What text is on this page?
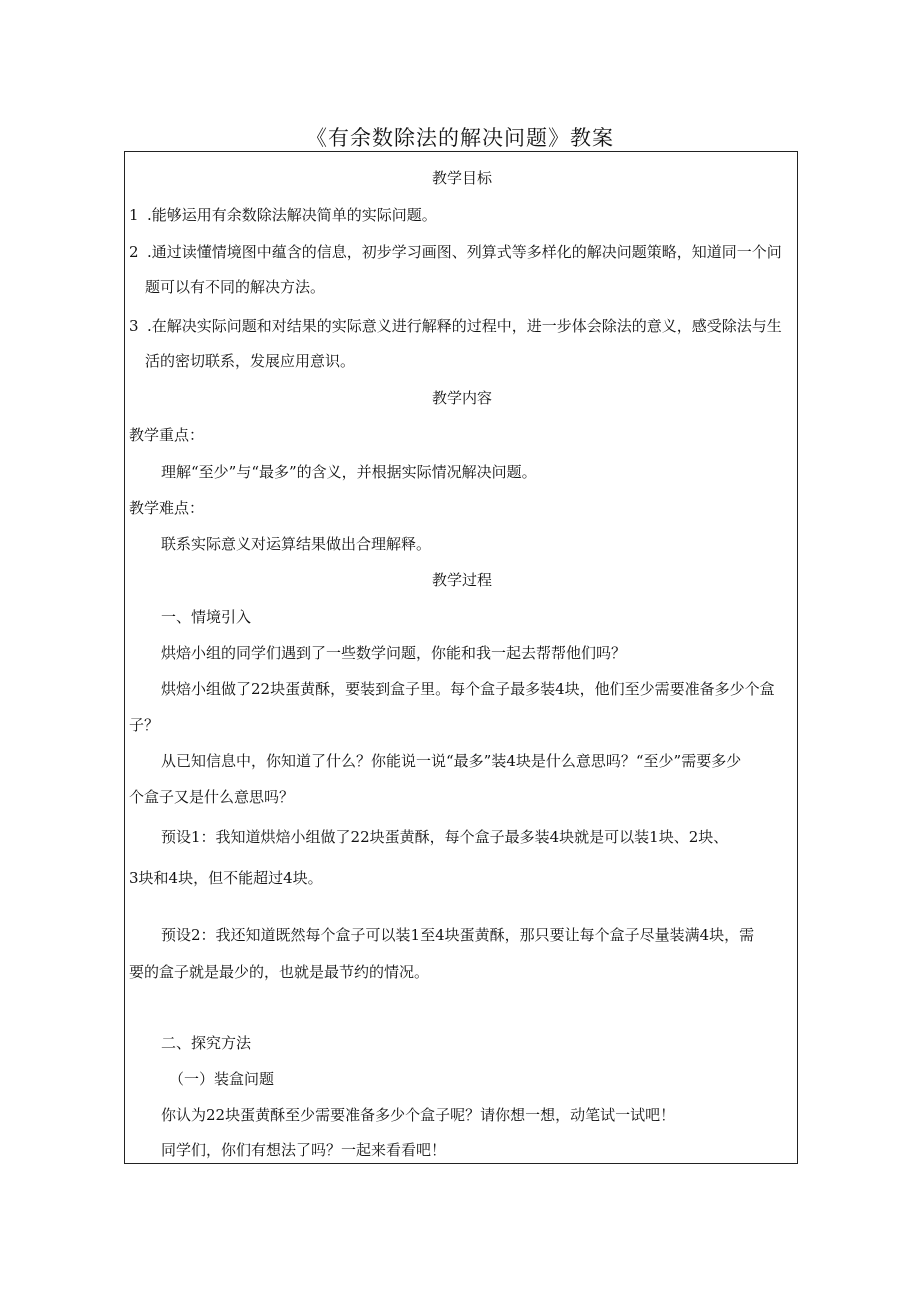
《有余数除法的解决问题》教案
教学目标
1 .能够运用有余数除法解决简单的实际问题。
2 .通过读懂情境图中蕴含的信息，初步学习画图、列算式等多样化的解决问题策略，知道同一个问
题可以有不同的解决方法。
3 .在解决实际问题和对结果的实际意义进行解释的过程中，进一步体会除法的意义，感受除法与生
活的密切联系，发展应用意识。
教学内容
教学重点：
理解“至少”与“最多”的含义，并根据实际情况解决问题。
教学难点：
联系实际意义对运算结果做出合理解释。
教学过程
一、情境引入
烘焙小组的同学们遇到了一些数学问题，你能和我一起去帮帮他们吗？
烘焙小组做了22块蛋黄酥，要装到盒子里。每个盒子最多装4块，他们至少需要准备多少个盒
子？
从已知信息中，你知道了什么？你能说一说“最多”装4块是什么意思吗？“至少”需要多少
个盒子又是什么意思吗？
预设1：我知道烘焙小组做了22块蛋黄酥，每个盒子最多装4块就是可以装1块、2块、
3块和4块，但不能超过4块。
预设2：我还知道既然每个盒子可以装1至4块蛋黄酥，那只要让每个盒子尽量装满4块，需
要的盒子就是最少的，也就是最节约的情况。
二、探究方法
（一）装盒问题
你认为22块蛋黄酥至少需要准备多少个盒子呢？请你想一想，动笔试一试吧！
同学们，你们有想法了吗？一起来看看吧！
